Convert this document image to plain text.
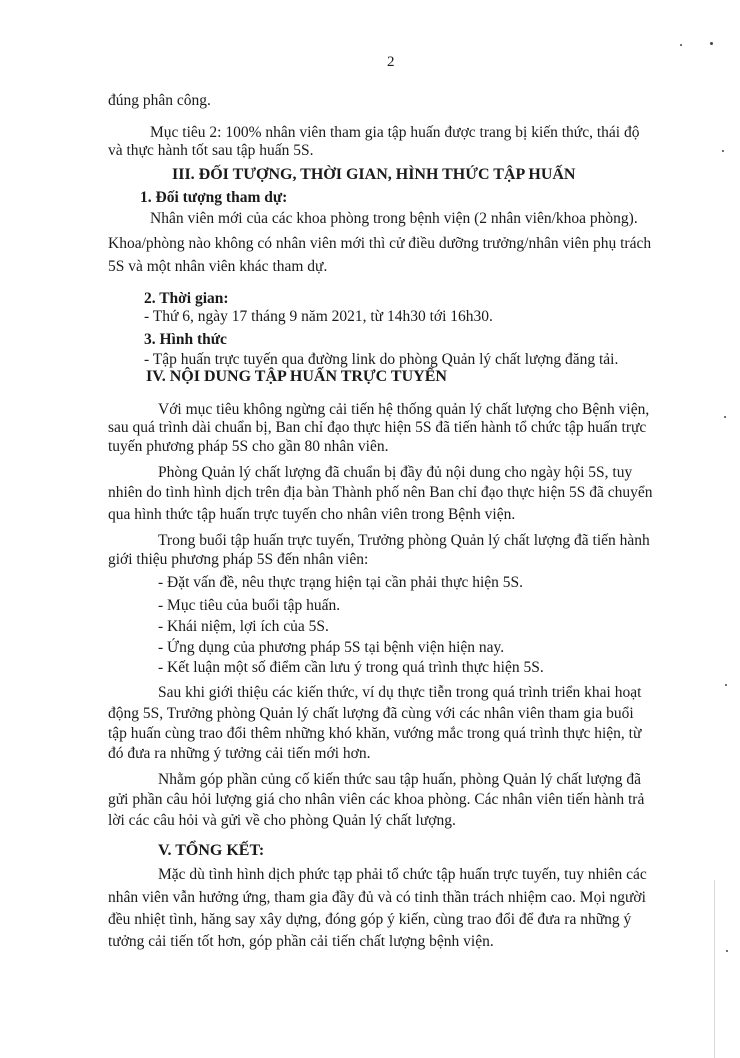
2
đúng phân công.
Mục tiêu 2: 100% nhân viên tham gia tập huấn được trang bị kiến thức, thái độ
và thực hành tốt sau tập huấn 5S.
III. ĐỐI TƯỢNG, THỜI GIAN, HÌNH THỨC TẬP HUẤN
1. Đối tượng tham dự:
Nhân viên mới của các khoa phòng trong bệnh viện (2 nhân viên/khoa phòng).
Khoa/phòng nào không có nhân viên mới thì cử điều dưỡng trưởng/nhân viên phụ trách
5S và một nhân viên khác tham dự.
2. Thời gian:
- Thứ 6, ngày 17 tháng 9 năm 2021, từ 14h30 tới 16h30.
3. Hình thức
- Tập huấn trực tuyến qua đường link do phòng Quản lý chất lượng đăng tải.
IV. NỘI DUNG TẬP HUẤN TRỰC TUYẾN
Với mục tiêu không ngừng cải tiến hệ thống quản lý chất lượng cho Bệnh viện,
sau quá trình dài chuẩn bị, Ban chỉ đạo thực hiện 5S đã tiến hành tổ chức tập huấn trực
tuyến phương pháp 5S cho gần 80 nhân viên.
Phòng Quản lý chất lượng đã chuẩn bị đầy đủ nội dung cho ngày hội 5S, tuy
nhiên do tình hình dịch trên địa bàn Thành phố nên Ban chỉ đạo thực hiện 5S đã chuyển
qua hình thức tập huấn trực tuyến cho nhân viên trong Bệnh viện.
Trong buổi tập huấn trực tuyến, Trưởng phòng Quản lý chất lượng đã tiến hành
giới thiệu phương pháp 5S đến nhân viên:
- Đặt vấn đề, nêu thực trạng hiện tại cần phải thực hiện 5S.
- Mục tiêu của buổi tập huấn.
- Khái niệm, lợi ích của 5S.
- Ứng dụng của phương pháp 5S tại bệnh viện hiện nay.
- Kết luận một số điểm cần lưu ý trong quá trình thực hiện 5S.
Sau khi giới thiệu các kiến thức, ví dụ thực tiễn trong quá trình triển khai hoạt
động 5S, Trưởng phòng Quản lý chất lượng đã cùng với các nhân viên tham gia buổi
tập huấn cùng trao đổi thêm những khó khăn, vướng mắc trong quá trình thực hiện, từ
đó đưa ra những ý tưởng cải tiến mới hơn.
Nhằm góp phần củng cố kiến thức sau tập huấn, phòng Quản lý chất lượng đã
gửi phần câu hỏi lượng giá cho nhân viên các khoa phòng. Các nhân viên tiến hành trả
lời các câu hỏi và gửi về cho phòng Quản lý chất lượng.
V. TỔNG KẾT:
Mặc dù tình hình dịch phức tạp phải tổ chức tập huấn trực tuyến, tuy nhiên các
nhân viên vẫn hưởng ứng, tham gia đầy đủ và có tinh thần trách nhiệm cao. Mọi người
đều nhiệt tình, hăng say xây dựng, đóng góp ý kiến, cùng trao đổi để đưa ra những ý
tưởng cải tiến tốt hơn, góp phần cải tiến chất lượng bệnh viện.
